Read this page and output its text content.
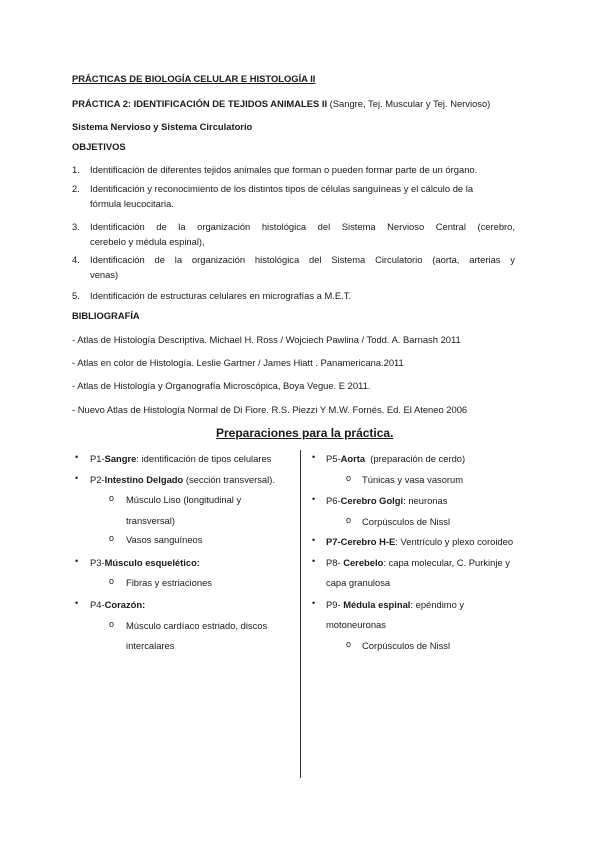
PRÁCTICAS DE BIOLOGÍA CELULAR E HISTOLOGÍA II
PRÁCTICA 2: IDENTIFICACIÓN DE TEJIDOS ANIMALES II (Sangre, Tej. Muscular y Tej. Nervioso)
Sistema Nervioso y Sistema Circulatorio
OBJETIVOS
1. Identificación de diferentes tejidos animales que forman o pueden formar parte de un órgano.
2. Identificación y reconocimiento de los distintos tipos de células sanguíneas y el cálculo de la
fórmula leucocitaria.
3. Identificación de la organización histológica del Sistema Nervioso Central (cerebro,
cerebelo y médula espinal),
4. Identificación de la organización histológica del Sistema Circulatorio (aorta, arterias y
venas)
5. Identificación de estructuras celulares en micrografías a M.E.T.
BIBLIOGRAFÍA
- Atlas de Histología Descriptiva. Michael H. Ross / Wojciech Pawlina / Todd. A. Barnash 2011
- Atlas en color de Histología. Leslie Gartner / James Hiatt . Panamericana.2011
- Atlas de Histología y Organografía Microscópica, Boya Vegue. E 2011.
- Nuevo Atlas de Histología Normal de Di Fiore. R.S. Piezzi Y M.W. Fornés. Ed. El Ateneo 2006
Preparaciones para la práctica.
• P1-Sangre: identificación de tipos celulares
• P2-Intestino Delgado (sección transversal).
o Músculo Liso (longitudinal y
transversal)
o Vasos sanguíneos
• P3-Músculo esquelético:
o Fibras y estriaciones
• P4-Corazón:
o Músculo cardíaco estriado, discos
intercalares
• P5-Aorta  (preparación de cerdo)
o Túnicas y vasa vasorum
• P6-Cerebro Golgi: neuronas
o Corpúsculos de Nissl
• P7-Cerebro H-E: Ventrículo y plexo coroideo
• P8- Cerebelo: capa molecular, C. Purkinje y
capa granulosa
• P9- Médula espinal: epéndimo y
motoneuronas
o Corpúsculos de Nissl
